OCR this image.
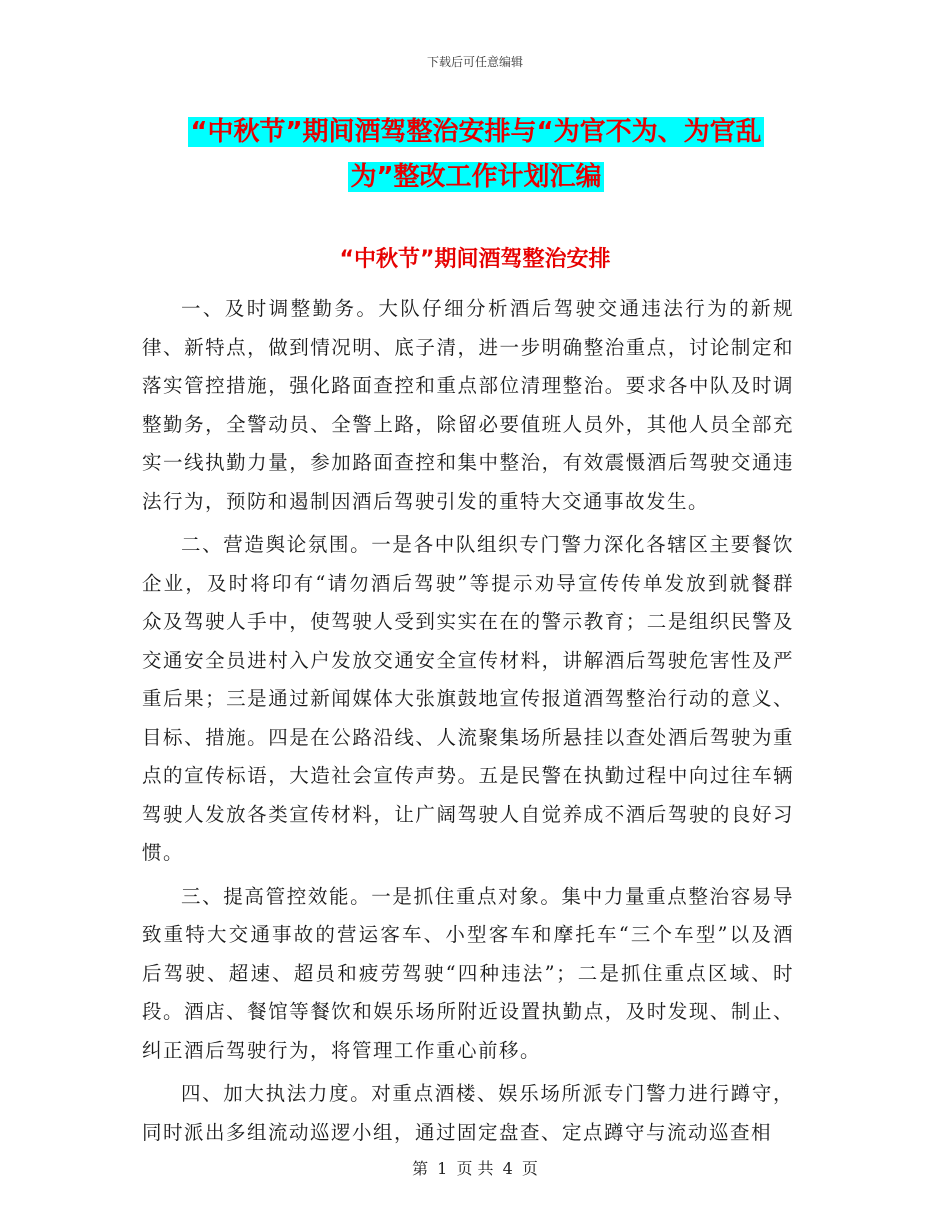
下载后可任意编辑
“中秋节”期间酒驾整治安排与“为官不为、为官乱
为”整改工作计划汇编
“中秋节”期间酒驾整治安排

一、及时调整勤务。大队仔细分析酒后驾驶交通违法行为的新规律、新特点，做到情况明、底子清，进一步明确整治重点，讨论制定和落实管控措施，强化路面查控和重点部位清理整治。要求各中队及时调整勤务，全警动员、全警上路，除留必要值班人员外，其他人员全部充实一线执勤力量，参加路面查控和集中整治，有效震慑酒后驾驶交通违法行为，预防和遏制因酒后驾驶引发的重特大交通事故发生。

二、营造舆论氛围。一是各中队组织专门警力深化各辖区主要餐饮企业，及时将印有“请勿酒后驾驶”等提示劝导宣传传单发放到就餐群众及驾驶人手中，使驾驶人受到实实在在的警示教育；二是组织民警及交通安全员进村入户发放交通安全宣传材料，讲解酒后驾驶危害性及严重后果；三是通过新闻媒体大张旗鼓地宣传报道酒驾整治行动的意义、目标、措施。四是在公路沿线、人流聚集场所悬挂以查处酒后驾驶为重点的宣传标语，大造社会宣传声势。五是民警在执勤过程中向过往车辆驾驶人发放各类宣传材料，让广阔驾驶人自觉养成不酒后驾驶的良好习惯。

三、提高管控效能。一是抓住重点对象。集中力量重点整治容易导致重特大交通事故的营运客车、小型客车和摩托车“三个车型”以及酒后驾驶、超速、超员和疲劳驾驶“四种违法”；二是抓住重点区域、时段。酒店、餐馆等餐饮和娱乐场所附近设置执勤点，及时发现、制止、纠正酒后驾驶行为，将管理工作重心前移。

四、加大执法力度。对重点酒楼、娱乐场所派专门警力进行蹲守，同时派出多组流动巡逻小组，通过固定盘查、定点蹲守与流动巡查相

第 1 页 共 4 页
